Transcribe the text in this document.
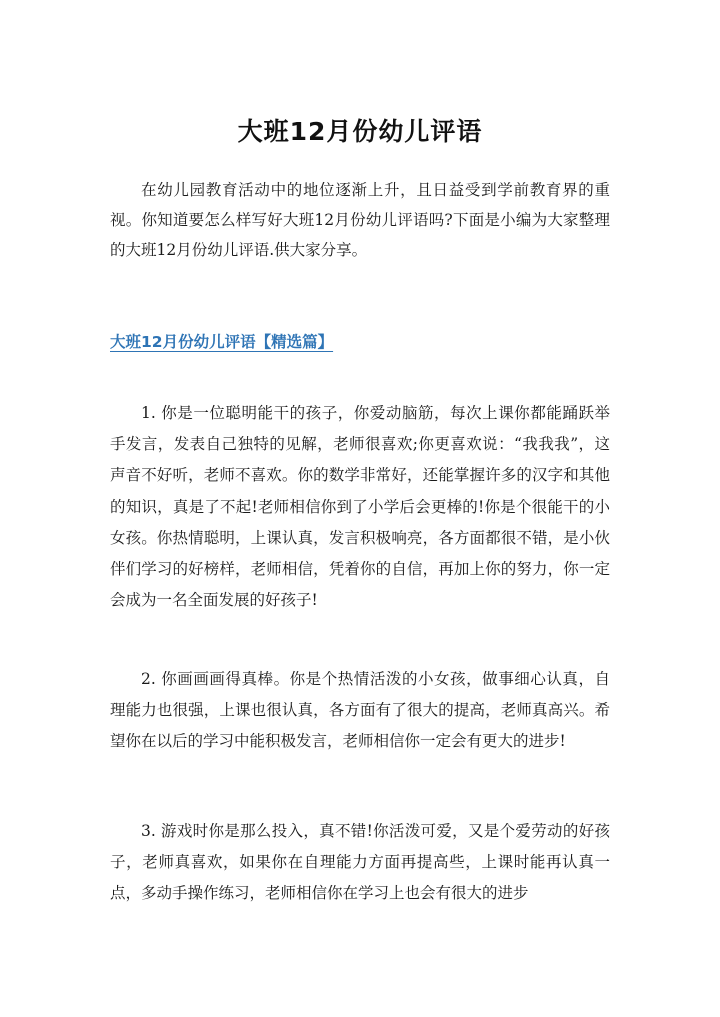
大班12月份幼儿评语

在幼儿园教育活动中的地位逐渐上升，且日益受到学前教育界的重视。你知道要怎么样写好大班12月份幼儿评语吗?下面是小编为大家整理的大班12月份幼儿评语.供大家分享。

大班12月份幼儿评语【精选篇】

1. 你是一位聪明能干的孩子，你爱动脑筋，每次上课你都能踊跃举手发言，发表自己独特的见解，老师很喜欢;你更喜欢说：“我我我”，这声音不好听，老师不喜欢。你的数学非常好，还能掌握许多的汉字和其他的知识，真是了不起!老师相信你到了小学后会更棒的!你是个很能干的小女孩。你热情聪明，上课认真，发言积极响亮，各方面都很不错，是小伙伴们学习的好榜样，老师相信，凭着你的自信，再加上你的努力，你一定会成为一名全面发展的好孩子!

2. 你画画画得真棒。你是个热情活泼的小女孩，做事细心认真，自理能力也很强，上课也很认真，各方面有了很大的提高，老师真高兴。希望你在以后的学习中能积极发言，老师相信你一定会有更大的进步!

3. 游戏时你是那么投入，真不错!你活泼可爱，又是个爱劳动的好孩子，老师真喜欢，如果你在自理能力方面再提高些，上课时能再认真一点，多动手操作练习，老师相信你在学习上也会有很大的进步
